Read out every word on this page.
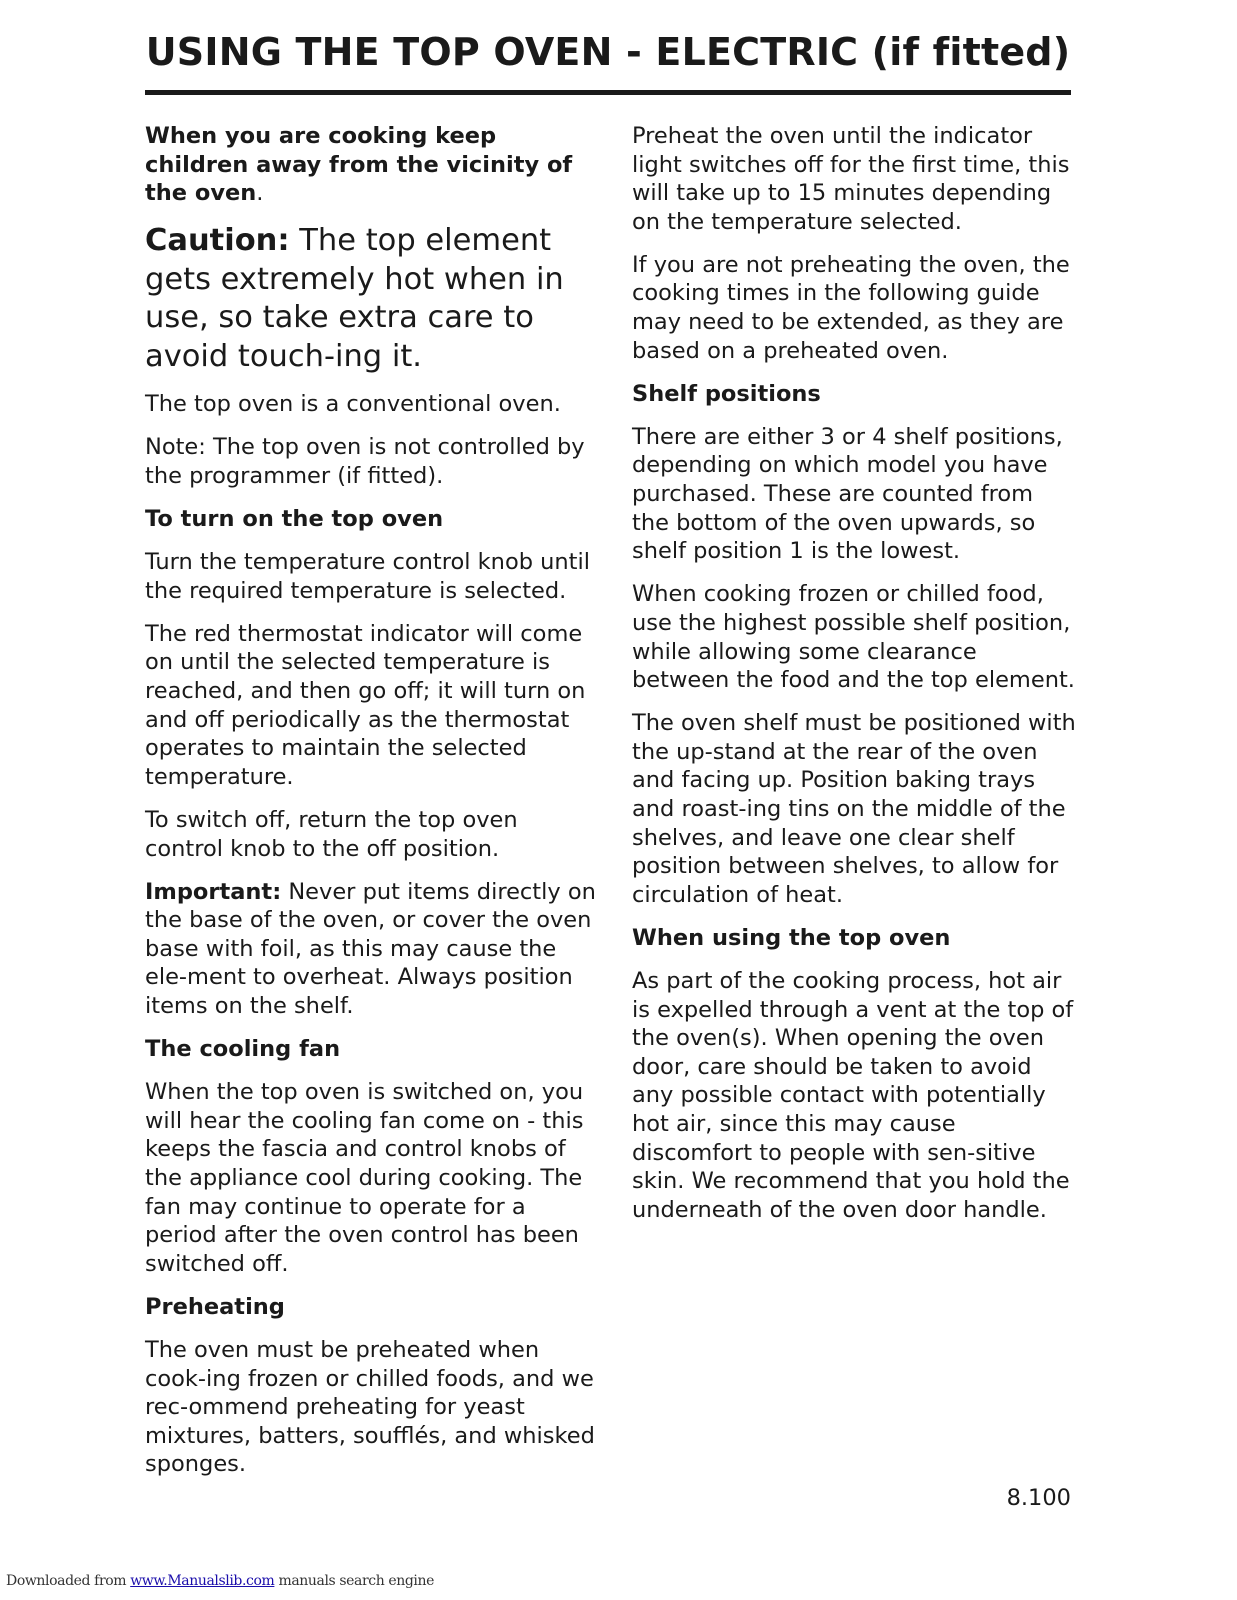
USING THE TOP OVEN - ELECTRIC (if fitted)

When you are cooking keep children away from the vicinity of the oven.

Caution: The top element gets extremely hot when in use, so take extra care to avoid touch-ing it.

The top oven is a conventional oven.

Note: The top oven is not controlled by the programmer (if fitted).

To turn on the top oven

Turn the temperature control knob until the required temperature is selected.

The red thermostat indicator will come on until the selected temperature is reached, and then go off; it will turn on and off periodically as the thermostat operates to maintain the selected temperature.

To switch off, return the top oven control knob to the off position.

Important: Never put items directly on the base of the oven, or cover the oven base with foil, as this may cause the ele-ment to overheat. Always position items on the shelf.

The cooling fan

When the top oven is switched on, you will hear the cooling fan come on - this keeps the fascia and control knobs of the appliance cool during cooking. The fan may continue to operate for a period after the oven control has been switched off.

Preheating

The oven must be preheated when cook-ing frozen or chilled foods, and we rec-ommend preheating for yeast mixtures, batters, soufflés, and whisked sponges.

Preheat the oven until the indicator light switches off for the first time, this will take up to 15 minutes depending on the temperature selected.

If you are not preheating the oven, the cooking times in the following guide may need to be extended, as they are based on a preheated oven.

Shelf positions

There are either 3 or 4 shelf positions, depending on which model you have purchased. These are counted from the bottom of the oven upwards, so shelf position 1 is the lowest.

When cooking frozen or chilled food, use the highest possible shelf position, while allowing some clearance between the food and the top element.

The oven shelf must be positioned with the up-stand at the rear of the oven and facing up. Position baking trays and roast-ing tins on the middle of the shelves, and leave one clear shelf position between shelves, to allow for circulation of heat.

When using the top oven

As part of the cooking process, hot air is expelled through a vent at the top of the oven(s). When opening the oven door, care should be taken to avoid any possible contact with potentially hot air, since this may cause discomfort to people with sen-sitive skin. We recommend that you hold the underneath of the oven door handle.

8.100
Downloaded from www.Manualslib.com manuals search engine
